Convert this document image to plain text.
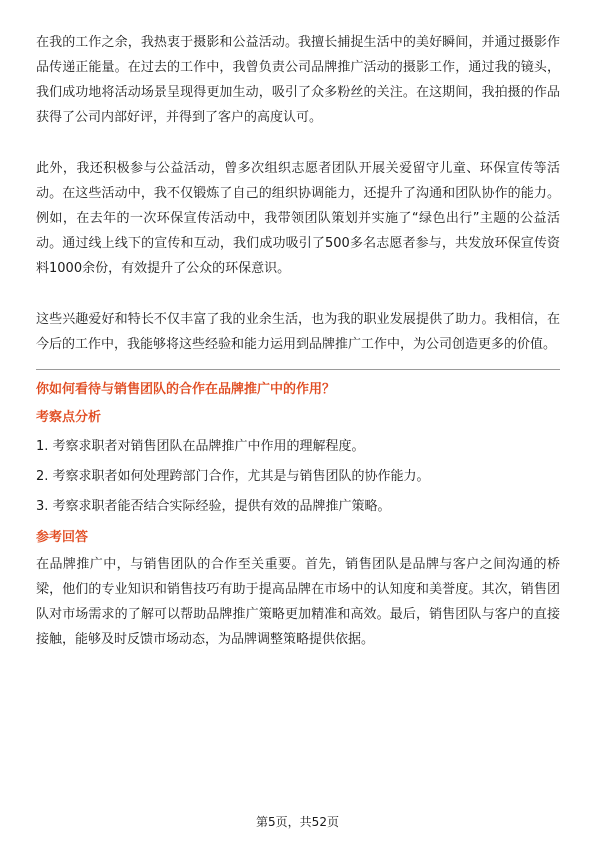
在我的工作之余，我热衷于摄影和公益活动。我擅长捕捉生活中的美好瞬间，并通过摄影作品传递正能量。在过去的工作中，我曾负责公司品牌推广活动的摄影工作，通过我的镜头，我们成功地将活动场景呈现得更加生动，吸引了众多粉丝的关注。在这期间，我拍摄的作品获得了公司内部好评，并得到了客户的高度认可。

此外，我还积极参与公益活动，曾多次组织志愿者团队开展关爱留守儿童、环保宣传等活动。在这些活动中，我不仅锻炼了自己的组织协调能力，还提升了沟通和团队协作的能力。例如，在去年的一次环保宣传活动中，我带领团队策划并实施了“绿色出行”主题的公益活动。通过线上线下的宣传和互动，我们成功吸引了500多名志愿者参与，共发放环保宣传资料1000余份，有效提升了公众的环保意识。

这些兴趣爱好和特长不仅丰富了我的业余生活，也为我的职业发展提供了助力。我相信，在今后的工作中，我能够将这些经验和能力运用到品牌推广工作中，为公司创造更多的价值。

你如何看待与销售团队的合作在品牌推广中的作用？

考察点分析

1. 考察求职者对销售团队在品牌推广中作用的理解程度。

2. 考察求职者如何处理跨部门合作，尤其是与销售团队的协作能力。

3. 考察求职者能否结合实际经验，提供有效的品牌推广策略。

参考回答

在品牌推广中，与销售团队的合作至关重要。首先，销售团队是品牌与客户之间沟通的桥梁，他们的专业知识和销售技巧有助于提高品牌在市场中的认知度和美誉度。其次，销售团队对市场需求的了解可以帮助品牌推广策略更加精准和高效。最后，销售团队与客户的直接接触，能够及时反馈市场动态，为品牌调整策略提供依据。

第5页，共52页
